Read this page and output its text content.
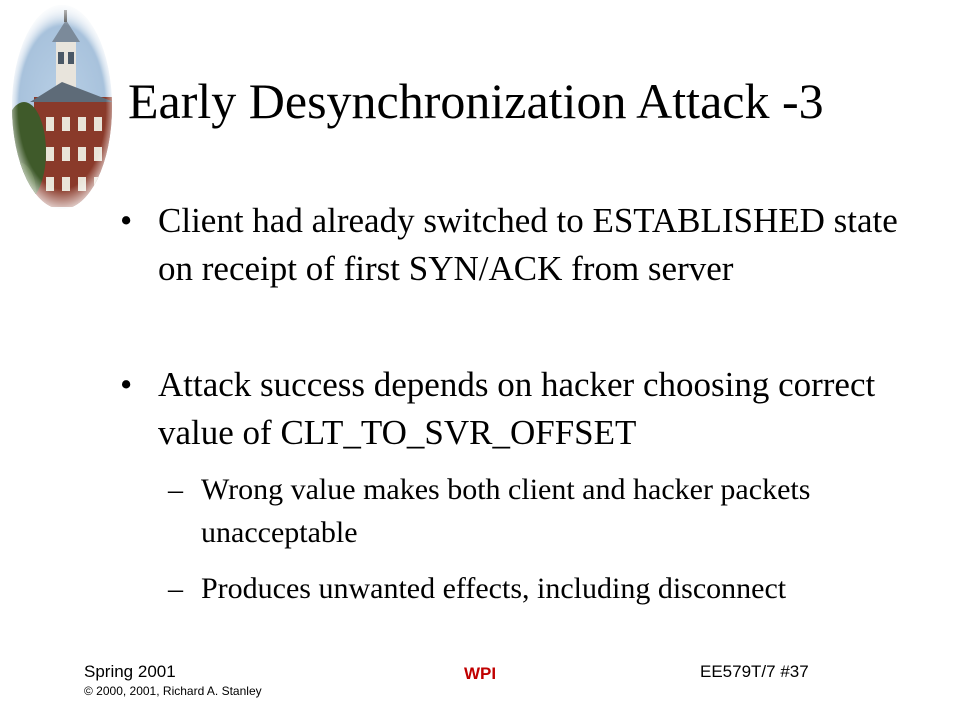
Early Desynchronization Attack -3
• Client had already switched to ESTABLISHED state on receipt of first SYN/ACK from server
• Attack success depends on hacker choosing correct value of CLT_TO_SVR_OFFSET
– Wrong value makes both client and hacker packets unacceptable
– Produces unwanted effects, including disconnect
Spring 2001
© 2000, 2001, Richard A. Stanley
WPI	EE579T/7 #37
